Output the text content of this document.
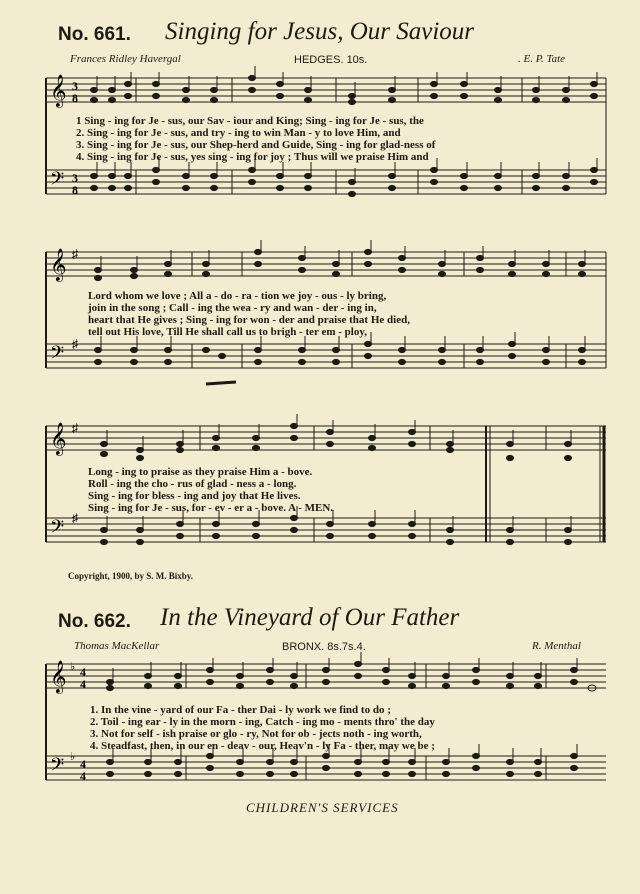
No. 661. Singing for Jesus, Our Saviour
Frances Ridley Havergal	HEDGES. 10s.	. E. P. Tate
𝄞
𝄢
3
8
3
8
1 Sing - ing for Je - sus, our Sav - iour and King; Sing - ing for Je - sus, the
2. Sing - ing for Je - sus, and try - ing to win Man - y to love Him, and
3. Sing - ing for Je - sus, our Shep-herd and Guide, Sing - ing for glad-ness of
4. Sing - ing for Je - sus, yes sing - ing for joy ; Thus will we praise Him and
𝄞
𝄢
♯
♯
Lord whom we love ; All a - do - ra - tion we joy - ous - ly bring,
join in the song ; Call - ing the wea - ry and wan - der - ing in,
heart that He gives ; Sing - ing for won - der and praise that He died,
tell out His love, Till He shall call us to brigh - ter em - ploy,
𝄞
𝄢
♯
♯
Long - ing to praise as they praise Him a - bove.
Roll - ing the cho - rus of glad - ness a - long.
Sing - ing for bless - ing and joy that He lives.
Sing - ing for Je - sus, for - ev - er a - bove. A - MEN.
Copyright, 1900, by S. M. Bixby.
No. 662. In the Vineyard of Our Father
Thomas MacKellar	BRONX. 8s.7s.4.	R. Menthal
𝄞
𝄢
♭
♭
4
4
4
4
1. In the vine - yard of our Fa - ther Dai - ly work we find to do ;
2. Toil - ing ear - ly in the morn - ing, Catch - ing mo - ments thro' the day
3. Not for self - ish praise or glo - ry, Not for ob - jects noth - ing worth,
4. Steadfast, then, in our en - deav - our, Heav'n - ly Fa - ther, may we be ;
CHILDREN'S SERVICES
